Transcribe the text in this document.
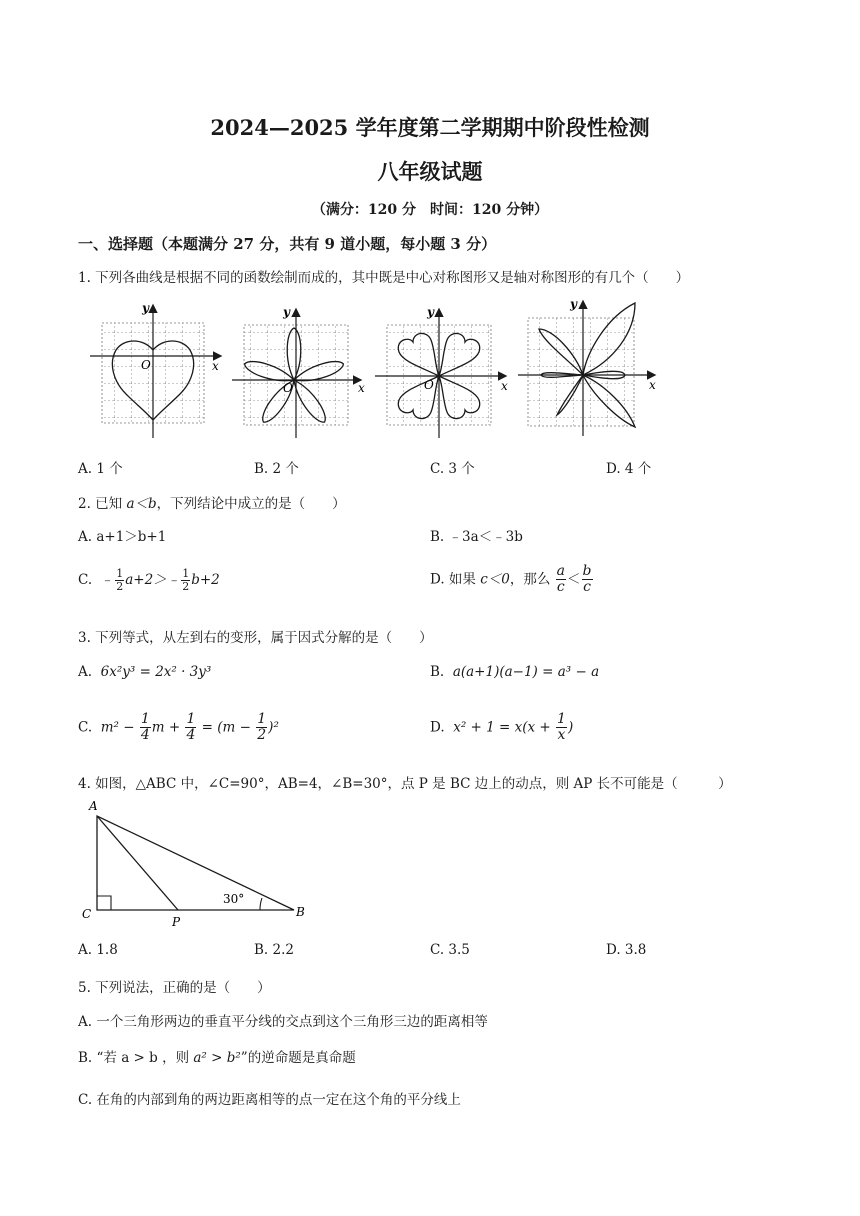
2024—2025 学年度第二学期期中阶段性检测
八年级试题
（满分：120 分　时间：120 分钟）
一、选择题（本题满分 27 分，共有 9 道小题，每小题 3 分）
1. 下列各曲线是根据不同的函数绘制而成的，其中既是中心对称图形又是轴对称图形的有几个（　　）
x
y
O
x
y
O	x
y
O	x
y
A. 1 个	B. 2 个	C. 3 个	D. 4 个
2. 已知 a＜b，下列结论中成立的是（　　）
A. a+1＞b+1	B. ﹣3a＜﹣3b
C. ﹣ $\frac{1}{2}$ a+2＞﹣ $\frac{1}{2} b+2$	D. 如果 c＜0，那么 $\frac{a}{c} < \frac{b}{c}$
3. 下列等式，从左到右的变形，属于因式分解的是（　　）
A. 6x²y³ = 2x² · 3y³	B. a(a+1)(a−1) = a³ − a
C. $m^2 - \frac{1}{4}$ $m + \frac{1}{4} = (m - \frac{1}{2} )^2$	D. $x^2 + 1 = x(x + \frac{1}{x}$ )
4. 如图，△ABC 中，∠C=90°，AB=4，∠B=30°，点 P 是 BC 边上的动点，则 AP 长不可能是（　　　）
A
C
P
B
30°
A. 1.8	B. 2.2	C. 3.5	D. 3.8
5. 下列说法，正确的是（　　）
A. 一个三角形两边的垂直平分线的交点到这个三角形三边的距离相等
B. “若 a > b ，则 a² > b²”的逆命题是真命题
C. 在角的内部到角的两边距离相等的点一定在这个角的平分线上
